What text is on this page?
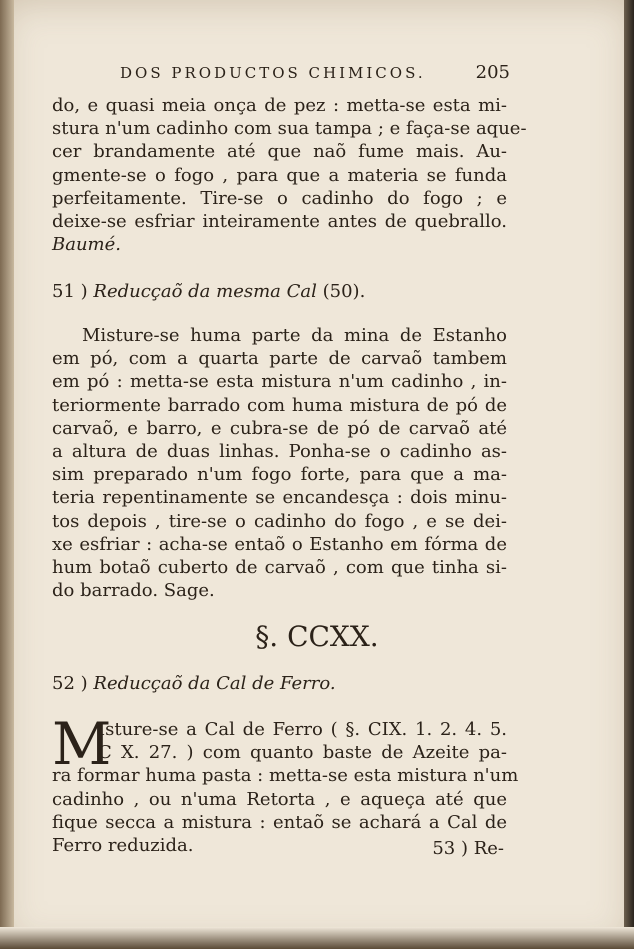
DOS PRODUCTOS CHIMICOS.	205
do, e quasi meia onça de pez : metta-se esta mi-
stura n'um cadinho com sua tampa ; e faça-se aque-
cer brandamente até que naõ fume mais. Au-
gmente-se o fogo , para que a materia se funda
perfeitamente. Tire-se o cadinho do fogo ; e
deixe-se esfriar inteiramente antes de quebrallo.
Baumé.
51 ) Reducçaõ da mesma Cal (50).
Misture-se huma parte da mina de Estanho
em pó, com a quarta parte de carvaõ tambem
em pó : metta-se esta mistura n'um cadinho , in-
teriormente barrado com huma mistura de pó de
carvaõ, e barro, e cubra-se de pó de carvaõ até
a altura de duas linhas. Ponha-se o cadinho as-
sim preparado n'um fogo forte, para que a ma-
teria repentinamente se encandesça : dois minu-
tos depois , tire-se o cadinho do fogo , e se dei-
xe esfriar : acha-se entaõ o Estanho em fórma de
hum botaõ cuberto de carvaõ , com que tinha si-
do barrado. Sage.
§. CCXX.
52 ) Reducçaõ da Cal de Ferro.
M
Isture-se a Cal de Ferro ( §. CIX. 1. 2. 4. 5.
C X. 27. ) com quanto baste de Azeite pa-
ra formar huma pasta : metta-se esta mistura n'um
cadinho , ou n'uma Retorta , e aqueça até que
fique secca a mistura : entaõ se achará a Cal de
Ferro reduzida.	53 ) Re-
